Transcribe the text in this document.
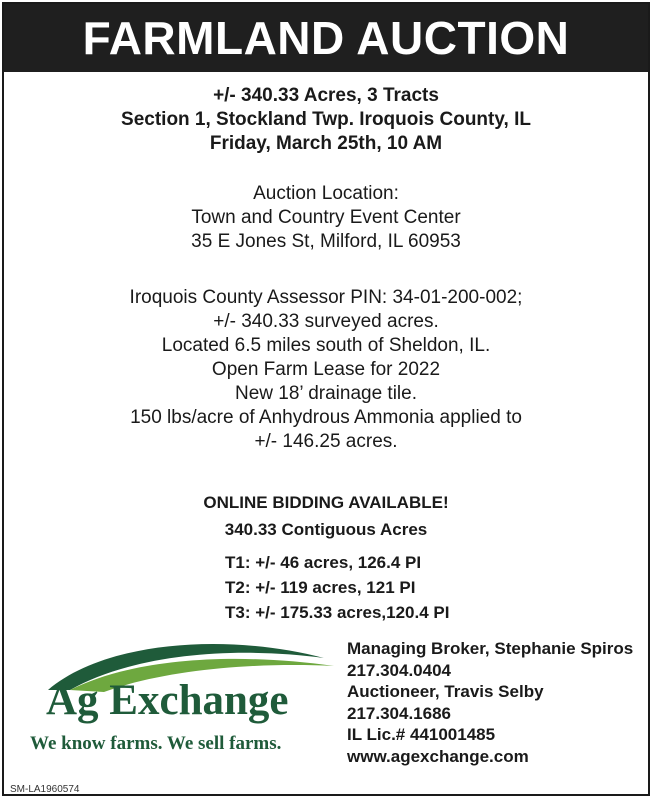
FARMLAND AUCTION
+/- 340.33 Acres, 3 Tracts
Section 1, Stockland Twp. Iroquois County, IL
Friday, March 25th, 10 AM
Auction Location:
Town and Country Event Center
35 E Jones St, Milford, IL 60953
Iroquois County Assessor PIN: 34-01-200-002;
+/- 340.33 surveyed acres.
Located 6.5 miles south of Sheldon, IL.
Open Farm Lease for 2022
New 18’ drainage tile.
150 lbs/acre of Anhydrous Ammonia applied to
+/- 146.25 acres.
ONLINE BIDDING AVAILABLE!
340.33 Contiguous Acres
T1: +/- 46 acres, 126.4 PI
T2: +/- 119 acres, 121 PI
T3: +/- 175.33 acres,120.4 PI
Ag Exchange
We know farms. We sell farms.
Managing Broker, Stephanie Spiros
217.304.0404
Auctioneer, Travis Selby
217.304.1686
IL Lic.# 441001485
www.agexchange.com
SM-LA1960574
